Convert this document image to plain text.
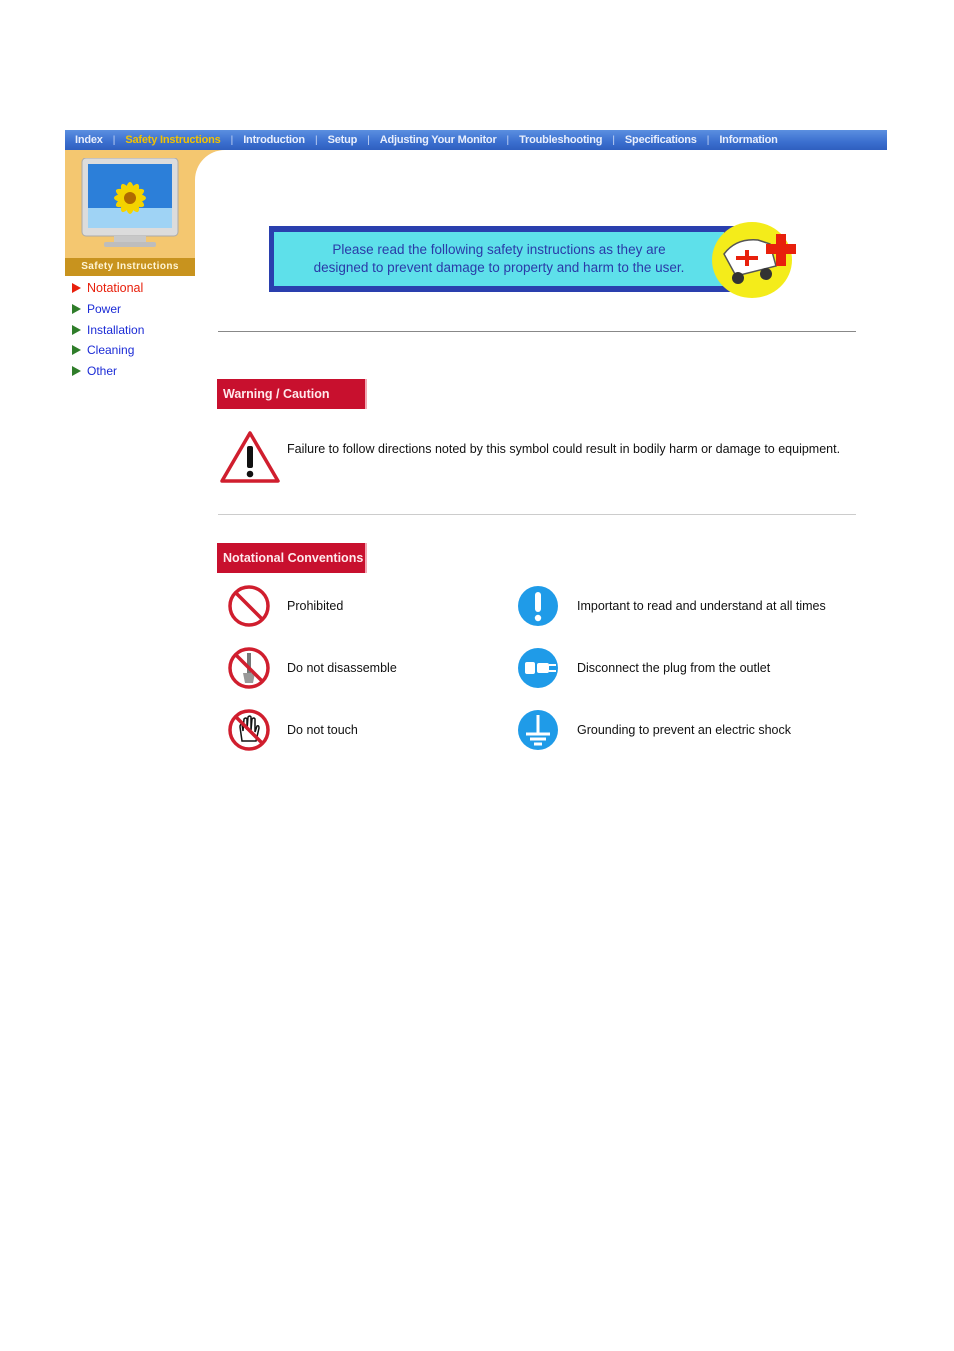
Index	| Safety Instructions	| Introduction	| Setup	| Adjusting Your Monitor	| Troubleshooting	| Specifications	| Information
Safety Instructions
Notational
Power
Installation
Cleaning
Other
Please read the following safety instructions as they are
designed to prevent damage to property and harm to the user.
Warning / Caution
Failure to follow directions noted by this symbol could result in bodily harm or damage to equipment.
Notational Conventions
Prohibited	Important to read and understand at all times
Do not disassemble	Disconnect the plug from the outlet
Do not touch	Grounding to prevent an electric shock
